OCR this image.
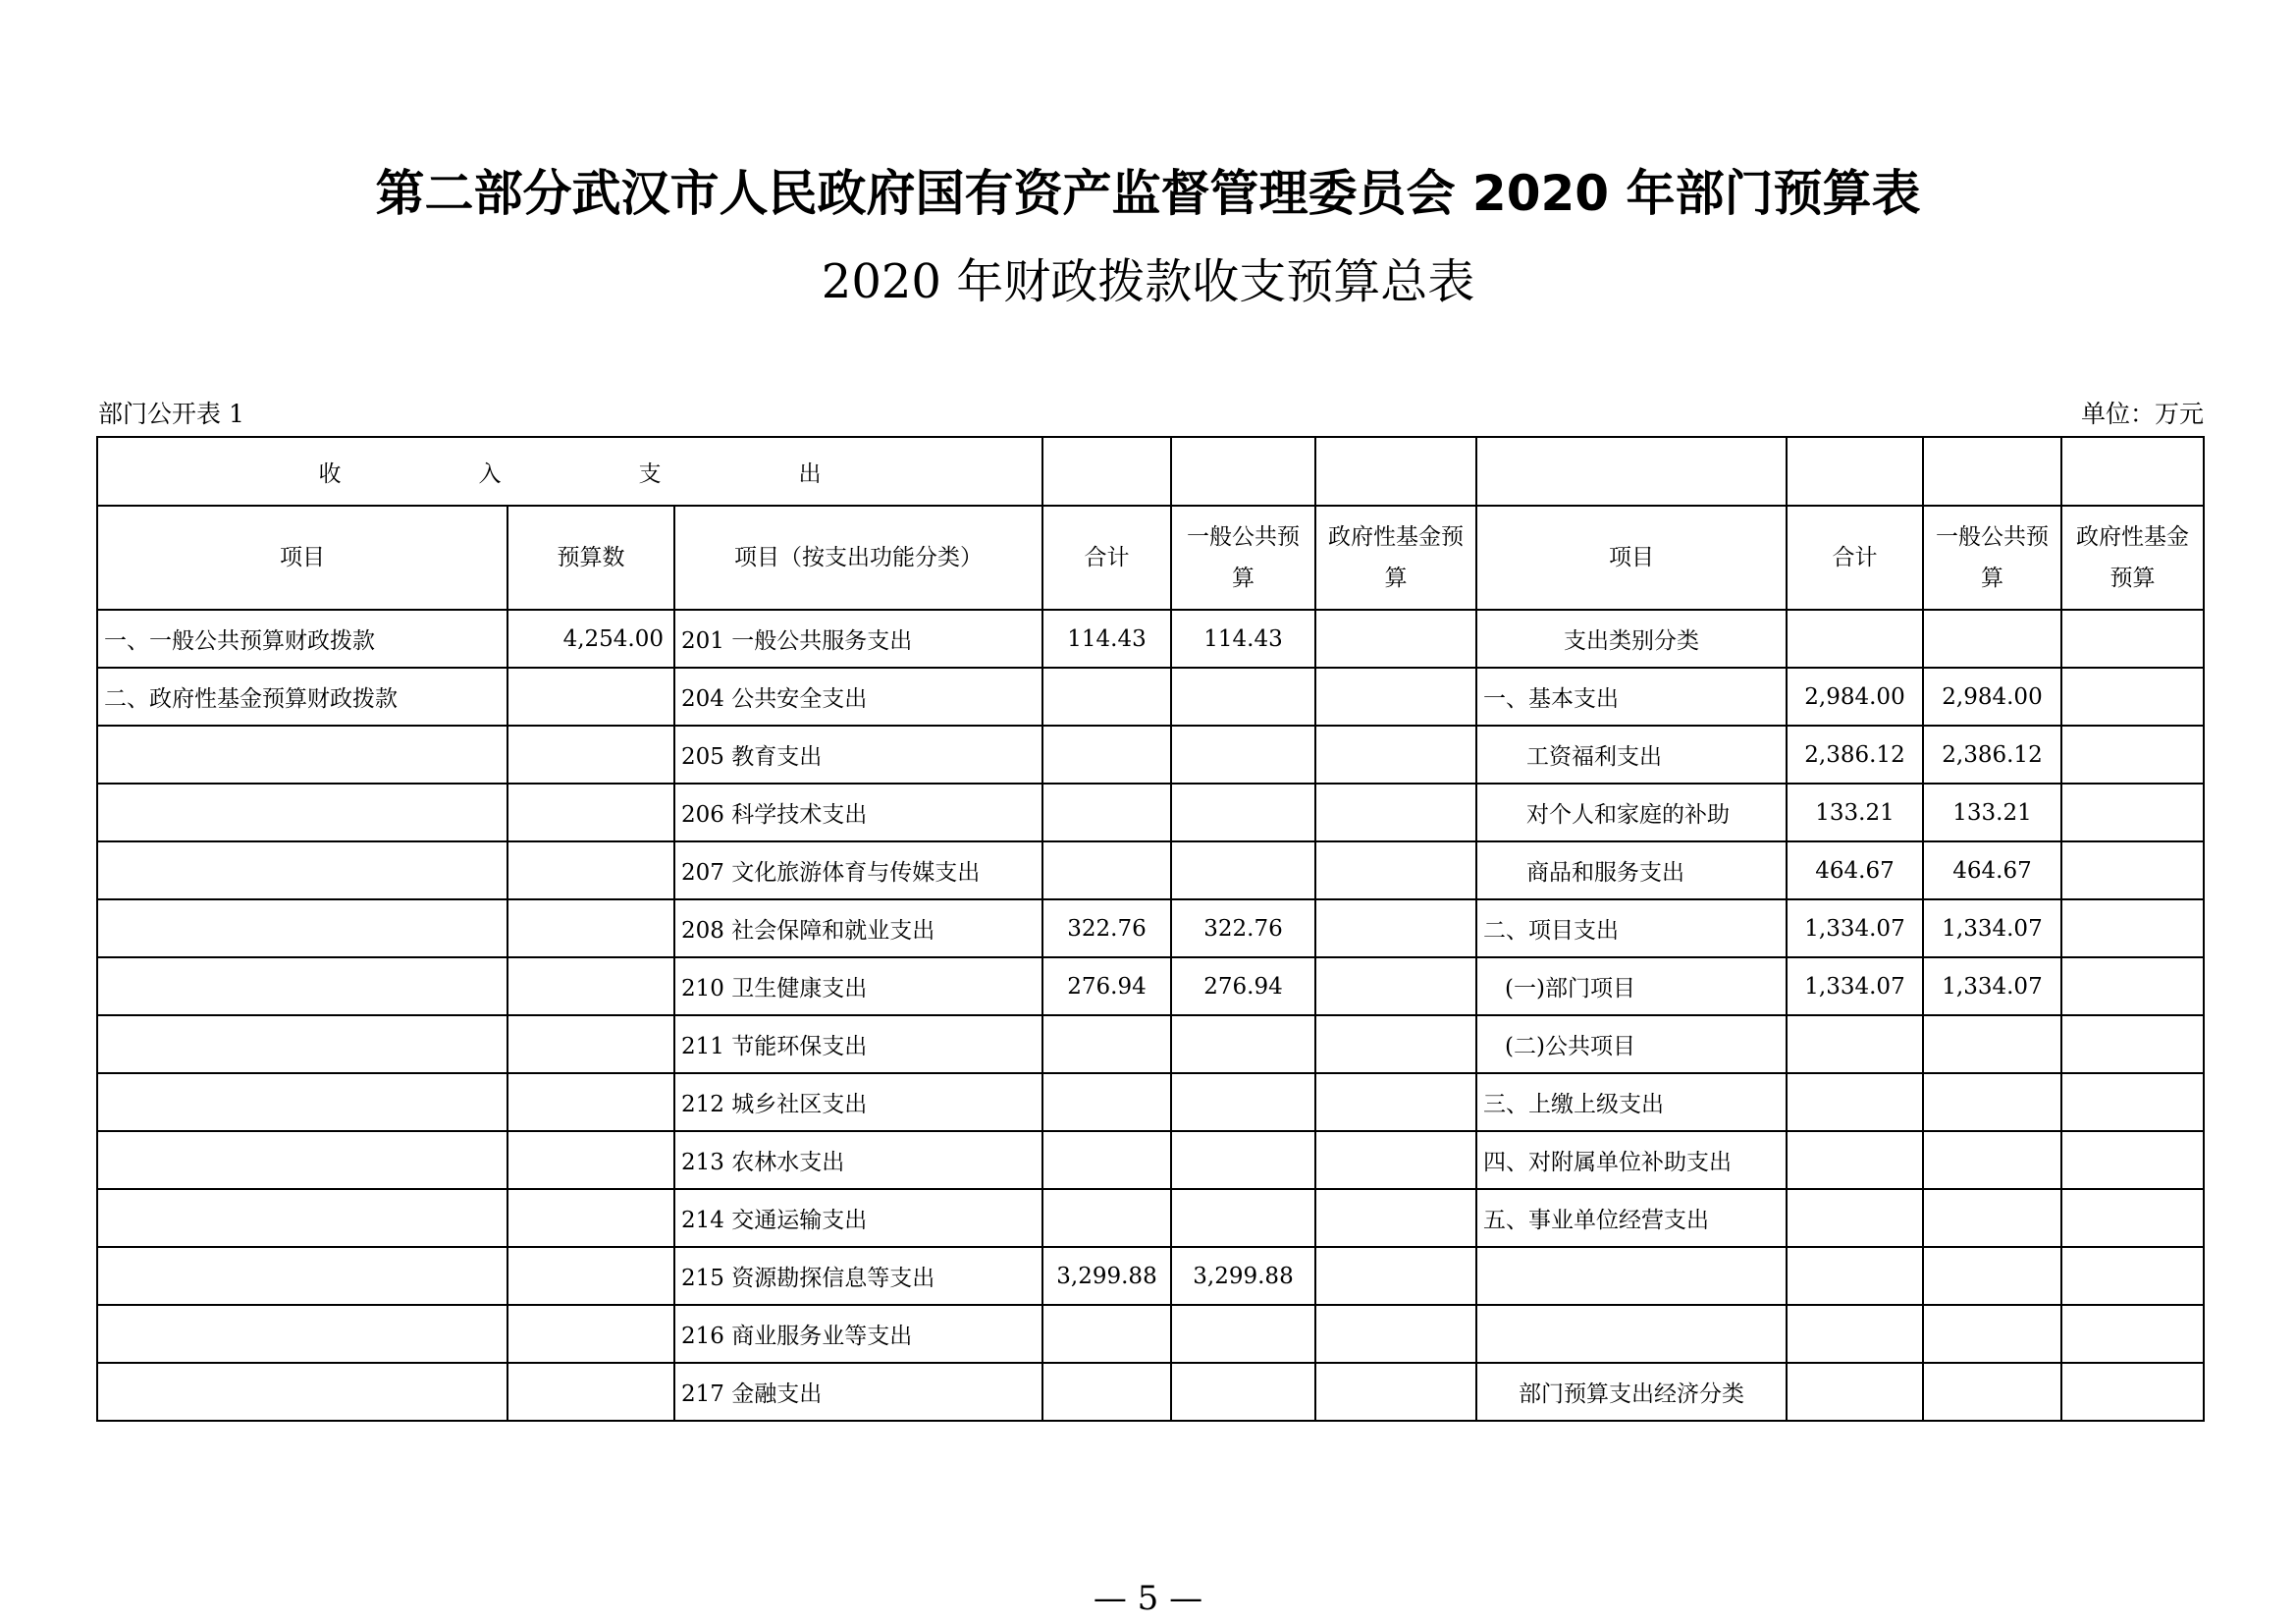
第二部分武汉市人民政府国有资产监督管理委员会 2020 年部门预算表
2020 年财政拨款收支预算总表
部门公开表 1	单位：万元
收 入 支 出									
项目	预算数	项目（按支出功能分类）	合计	一般公共预算	政府性基金预算	项目	合计	一般公共预算	政府性基金预算
一、一般公共预算财政拨款	4,254.00	201 一般公共服务支出	114.43	114.43		支出类别分类			
二、政府性基金预算财政拨款		204 公共安全支出				一、基本支出	2,984.00	2,984.00	
		205 教育支出				工资福利支出	2,386.12	2,386.12	
		206 科学技术支出				对个人和家庭的补助	133.21	133.21	
		207 文化旅游体育与传媒支出				商品和服务支出	464.67	464.67	
		208 社会保障和就业支出	322.76	322.76		二、项目支出	1,334.07	1,334.07	
		210 卫生健康支出	276.94	276.94		(一)部门项目	1,334.07	1,334.07	
		211 节能环保支出				(二)公共项目			
		212 城乡社区支出				三、上缴上级支出			
		213 农林水支出				四、对附属单位补助支出			
		214 交通运输支出				五、事业单位经营支出			
		215 资源勘探信息等支出	3,299.88	3,299.88					
		216 商业服务业等支出							
		217 金融支出				部门预算支出经济分类			
— 5 —
